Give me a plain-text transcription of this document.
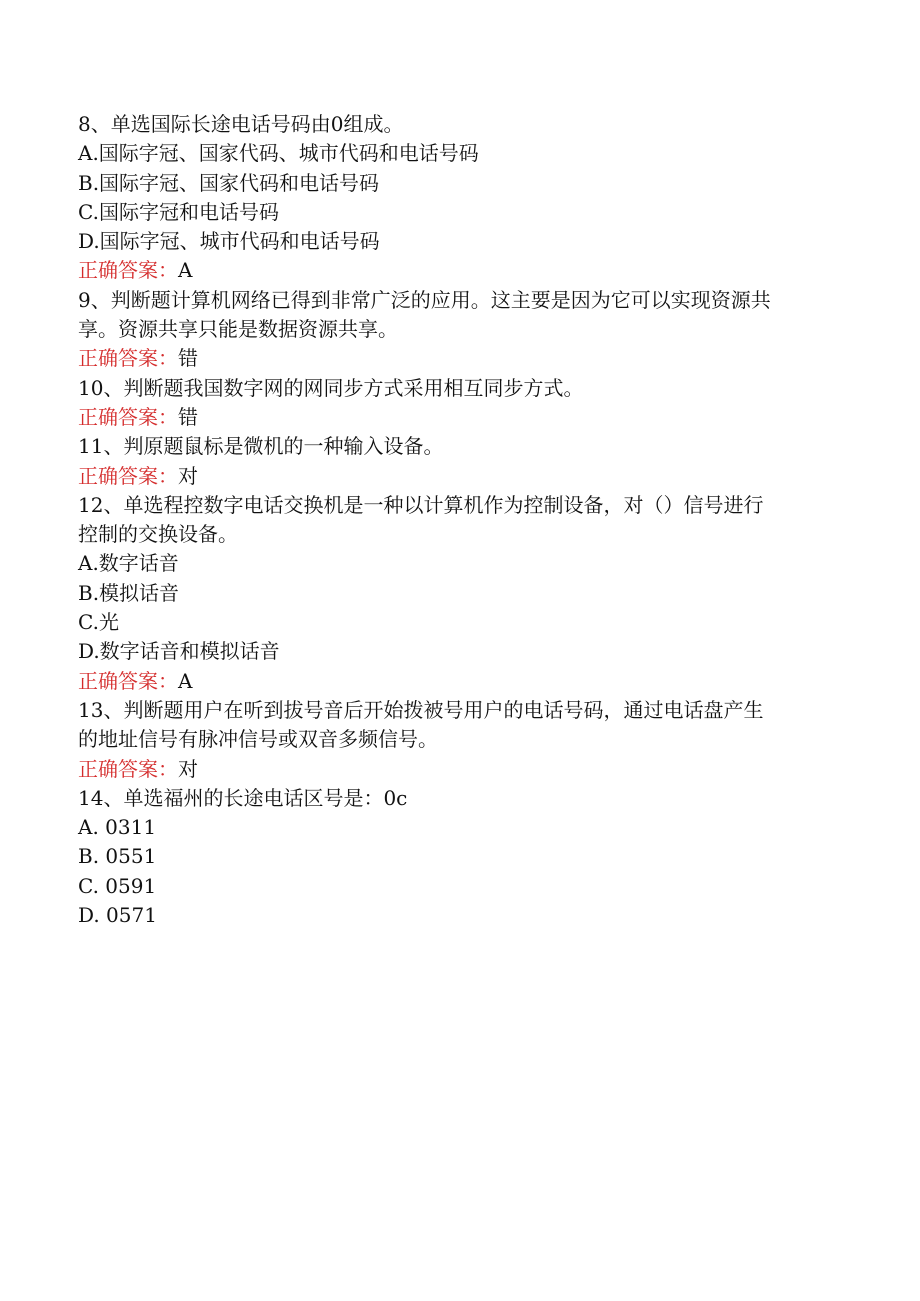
8、单选国际长途电话号码由0组成。
A.国际字冠、国家代码、城市代码和电话号码
B.国际字冠、国家代码和电话号码
C.国际字冠和电话号码
D.国际字冠、城市代码和电话号码
正确答案：A
9、判断题计算机网络已得到非常广泛的应用。这主要是因为它可以实现资源共
享。资源共享只能是数据资源共享。
正确答案：错
10、判断题我国数字网的网同步方式采用相互同步方式。
正确答案：错
11、判原题鼠标是微机的一种输入设备。
正确答案：对
12、单选程控数字电话交换机是一种以计算机作为控制设备，对（）信号进行
控制的交换设备。
A.数字话音
B.模拟话音
C.光
D.数字话音和模拟话音
正确答案：A
13、判断题用户在听到拔号音后开始拨被号用户的电话号码，通过电话盘产生
的地址信号有脉冲信号或双音多频信号。
正确答案：对
14、单选福州的长途电话区号是：0c
A. 0311
B. 0551
C. 0591
D. 0571
